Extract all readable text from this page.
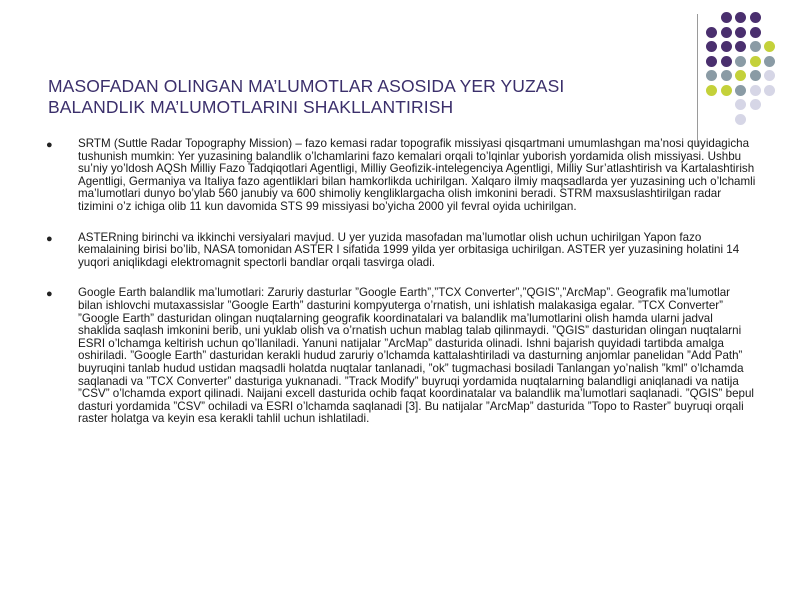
MASOFADAN OLINGAN MA’LUMOTLAR ASOSIDA YER YUZASI
BALANDLIK MA’LUMOTLARINI SHAKLLANTIRISH
● SRTM (Suttle Radar Topography Mission) – fazo kemasi radar topografik missiyasi qisqartmani umumlashgan ma’nosi quyidagicha tushunish mumkin: Yer yuzasining balandlik o’lchamlarini fazo kemalari orqali to’lqinlar yuborish yordamida olish missiyasi. Ushbu su’niy yo’ldosh AQSh Milliy Fazo Tadqiqotlari Agentligi, Milliy Geofizik-intelegenciya Agentligi, Milliy Sur’atlashtirish va Kartalashtirish Agentligi, Germaniya va Italiya fazo agentliklari bilan hamkorlikda uchirilgan. Xalqaro ilmiy maqsadlarda yer yuzasining uch o’lchamli ma’lumotlari dunyo bo’ylab 560 janubiy va 600 shimoliy kengliklargacha olish imkonini beradi. STRM maxsuslashtirilgan radar tizimini o’z ichiga olib 11 kun davomida STS 99 missiyasi bo’yicha 2000 yil fevral oyida uchirilgan.
● ASTERning birinchi va ikkinchi versiyalari mavjud. U yer yuzida masofadan ma’lumotlar olish uchun uchirilgan Yapon fazo kemalaining birisi bo’lib, NASA tomonidan ASTER I sifatida 1999 yilda yer orbitasiga uchirilgan. ASTER yer yuzasining holatini 14 yuqori aniqlikdagi elektromagnit spectorli bandlar orqali tasvirga oladi.
● Google Earth balandlik ma’lumotlari: Zaruriy dasturlar ”Google Earth”,”TCX Converter”,”QGIS”,”ArcMap”. Geografik ma’lumotlar bilan ishlovchi mutaxassislar ”Google Earth” dasturini kompyuterga o’rnatish, uni ishlatish malakasiga egalar. ”TCX Converter” ”Google Earth” dasturidan olingan nuqtalarning geografik koordinatalari va balandlik ma’lumotlarini olish hamda ularni jadval shaklida saqlash imkonini berib, uni yuklab olish va o’rnatish uchun mablag talab qilinmaydi. ”QGIS” dasturidan olingan nuqtalarni ESRI o’lchamga keltirish uchun qo’llaniladi. Yanuni natijalar ”ArcMap” dasturida olinadi. Ishni bajarish quyidadi tartibda amalga oshiriladi. ”Google Earth” dasturidan kerakli hudud zaruriy o’lchamda kattalashtiriladi va dasturning anjomlar panelidan ”Add Path” buyruqini tanlab hudud ustidan maqsadli holatda nuqtalar tanlanadi, ”ok” tugmachasi bosiladi Tanlangan yo’nalish ”kml” o’lchamda saqlanadi va ”TCX Converter” dasturiga yuknanadi. ”Track Modify” buyruqi yordamida nuqtalarning balandligi aniqlanadi va natija ”CSV” o’lchamda export qilinadi. Naijani excell dasturida ochib faqat koordinatalar va balandlik ma’lumotlari saqlanadi. ”QGIS” bepul dasturi yordamida ”CSV” ochiladi va ESRI o’lchamda saqlanadi [3]. Bu natijalar ”ArcMap” dasturida ”Topo to Raster” buyruqi orqali raster holatga va keyin esa kerakli tahlil uchun ishlatiladi.
